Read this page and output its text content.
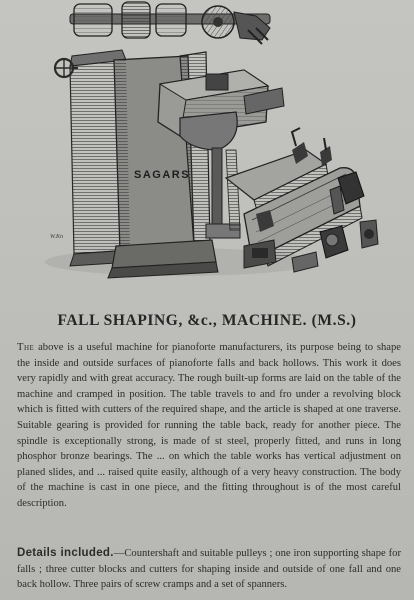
SAGARS
W.Kn
FALL SHAPING, &c., MACHINE. (M.S.)
The above is a useful machine for pianoforte manufacturers, its purpose being to shape the inside and outside surfaces of pianoforte falls and back hollows. This work it does very rapidly and with great accuracy. The rough built-up forms are laid on the table of the machine and cramped in position. The table travels to and fro under a revolving block which is fitted with cutters of the required shape, and the article is shaped at one traverse. Suitable gearing is provided for running the table back, ready for another piece. The spindle is exceptionally strong, is made of st steel, properly fitted, and runs in long phosphor bronze bearings. The ... on which the table works has vertical adjustment on planed slides, and ... raised quite easily, although of a very heavy construction. The body of the machine is cast in one piece, and the fitting throughout is of the most careful description.
Details included.—Countershaft and suitable pulleys ; one iron supporting shape for falls ; three cutter blocks and cutters for shaping inside and outside of one fall and one back hollow. Three pairs of screw cramps and a set of spanners.
